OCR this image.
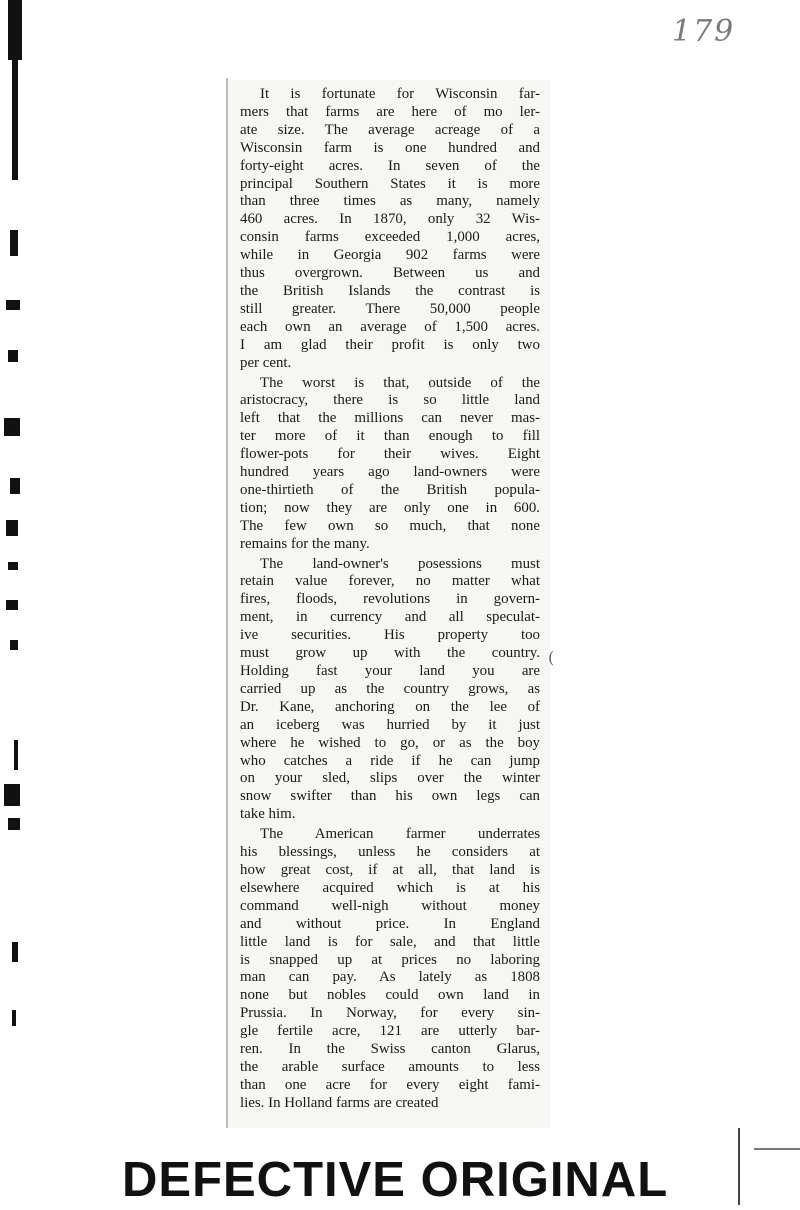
179

It is fortunate for Wisconsin far-
mers that farms are here of mo ler-
ate size. The average acreage of a
Wisconsin farm is one hundred and
forty-eight acres. In seven of the
principal Southern States it is more
than three times as many, namely
460 acres. In 1870, only 32 Wis-
consin farms exceeded 1,000 acres,
while in Georgia 902 farms were
thus overgrown. Between us and
the British Islands the contrast is
still greater. There 50,000 people
each own an average of 1,500 acres.
I am glad their profit is only two
per cent.

The worst is that, outside of the
aristocracy, there is so little land
left that the millions can never mas-
ter more of it than enough to fill
flower-pots for their wives. Eight
hundred years ago land-owners were
one-thirtieth of the British popula-
tion; now they are only one in 600.
The few own so much, that none
remains for the many.

The land-owner's posessions must
retain value forever, no matter what
fires, floods, revolutions in govern-
ment, in currency and all speculat-
ive securities. His property too
must grow up with the country.
Holding fast your land you are
carried up as the country grows, as
Dr. Kane, anchoring on the lee of
an iceberg was hurried by it just
where he wished to go, or as the boy
who catches a ride if he can jump
on your sled, slips over the winter
snow swifter than his own legs can
take him.

The American farmer underrates
his blessings, unless he considers at
how great cost, if at all, that land is
elsewhere acquired which is at his
command well-nigh without money
and without price. In England
little land is for sale, and that little
is snapped up at prices no laboring
man can pay. As lately as 1808
none but nobles could own land in
Prussia. In Norway, for every sin-
gle fertile acre, 121 are utterly bar-
ren. In the Swiss canton Glarus,
the arable surface amounts to less
than one acre for every eight fami-
lies. In Holland farms are created

(
DEFECTIVE ORIGINAL
